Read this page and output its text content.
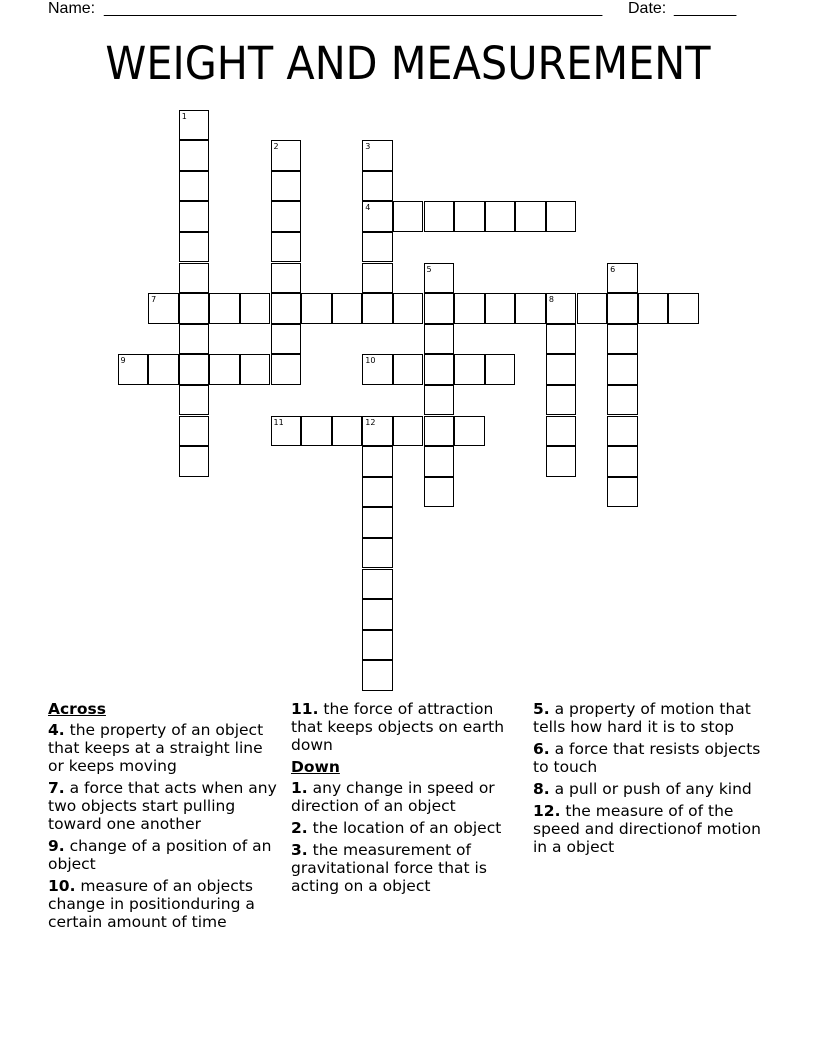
Name: ________________________________________________________ Date: _______
WEIGHT AND MEASUREMENT
1
2	3
4
5	6
7	8
9	10
11	12
Across
4. the property of an object that keeps at a straight line or keeps moving
7. a force that acts when any two objects start pulling toward one another
9. change of a position of an object
10. measure of an objects change in positionduring a certain amount of time
11. the force of attraction that keeps objects on earth down
Down
1. any change in speed or direction of an object
2. the location of an object
3. the measurement of gravitational force that is acting on a object
5. a property of motion that tells how hard it is to stop
6. a force that resists objects to touch
8. a pull or push of any kind
12. the measure of of the speed and directionof motion in a object
